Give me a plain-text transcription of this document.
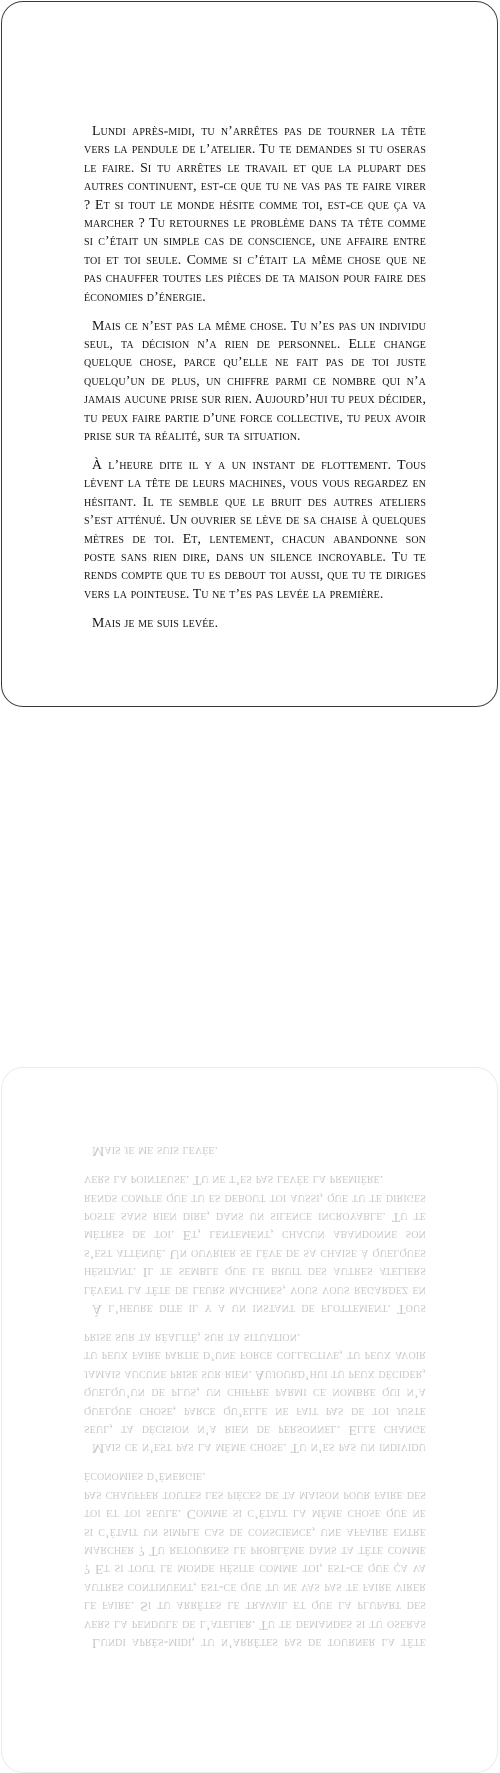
Lundi après-midi, tu n’arrêtes pas de tourner la tête vers la pendule de l’atelier. Tu te demandes si tu oseras le faire. Si tu arrêtes le travail et que la plupart des autres continuent, est-ce que tu ne vas pas te faire virer ? Et si tout le monde hésite comme toi, est-ce que ça va marcher ? Tu retournes le problème dans ta tête comme si c’était un simple cas de conscience, une affaire entre toi et toi seule. Comme si c’était la même chose que ne pas chauffer toutes les pièces de ta maison pour faire des économies d’énergie.

Mais ce n’est pas la même chose. Tu n’es pas un individu seul, ta décision n’a rien de personnel. Elle change quelque chose, parce qu’elle ne fait pas de toi juste quelqu’un de plus, un chiffre parmi ce nombre qui n’a jamais aucune prise sur rien. Aujourd’hui tu peux décider, tu peux faire partie d’une force collective, tu peux avoir prise sur ta réalité, sur ta situation.

À l’heure dite il y a un instant de flottement. Tous lèvent la tête de leurs machines, vous vous regardez en hésitant. Il te semble que le bruit des autres ateliers s’est atténué. Un ouvrier se lève de sa chaise à quelques mètres de toi. Et, lentement, chacun abandonne son poste sans rien dire, dans un silence incroyable. Tu te rends compte que tu es debout toi aussi, que tu te diriges vers la pointeuse. Tu ne t’es pas levée la première.

Mais je me suis levée.

Lundi après-midi, tu n’arrêtes pas de tourner la tête vers la pendule de l’atelier. Tu te demandes si tu oseras le faire. Si tu arrêtes le travail et que la plupart des autres continuent, est-ce que tu ne vas pas te faire virer ? Et si tout le monde hésite comme toi, est-ce que ça va marcher ? Tu retournes le problème dans ta tête comme si c’était un simple cas de conscience, une affaire entre toi et toi seule. Comme si c’était la même chose que ne pas chauffer toutes les pièces de ta maison pour faire des économies d’énergie.

Mais ce n’est pas la même chose. Tu n’es pas un individu seul, ta décision n’a rien de personnel. Elle change quelque chose, parce qu’elle ne fait pas de toi juste quelqu’un de plus, un chiffre parmi ce nombre qui n’a jamais aucune prise sur rien. Aujourd’hui tu peux décider, tu peux faire partie d’une force collective, tu peux avoir prise sur ta réalité, sur ta situation.

À l’heure dite il y a un instant de flottement. Tous lèvent la tête de leurs machines, vous vous regardez en hésitant. Il te semble que le bruit des autres ateliers s’est atténué. Un ouvrier se lève de sa chaise à quelques mètres de toi. Et, lentement, chacun abandonne son poste sans rien dire, dans un silence incroyable. Tu te rends compte que tu es debout toi aussi, que tu te diriges vers la pointeuse. Tu ne t’es pas levée la première.

Mais je me suis levée.
